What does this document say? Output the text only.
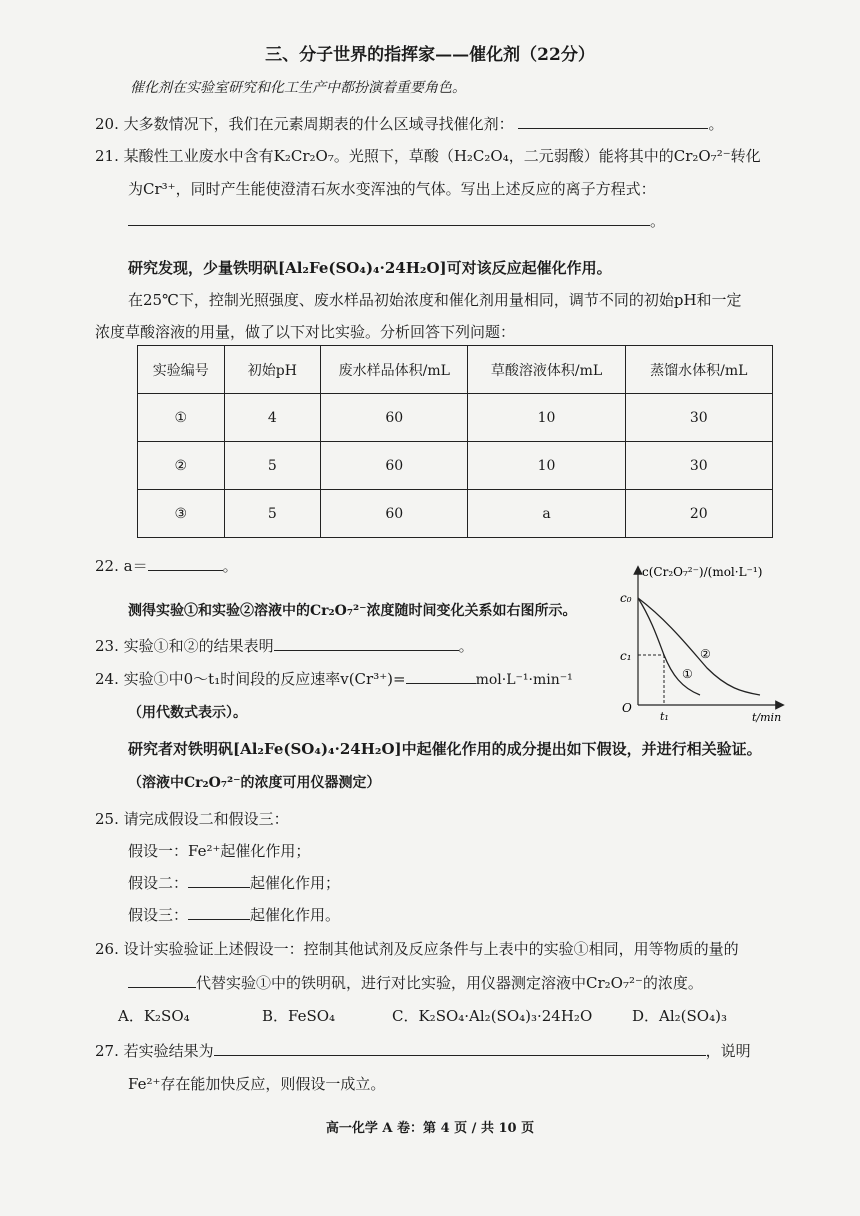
三、分子世界的指挥家——催化剂（22分）
催化剂在实验室研究和化工生产中都扮演着重要角色。
20. 大多数情况下，我们在元素周期表的什么区域寻找催化剂：	。
21. 某酸性工业废水中含有K₂Cr₂O₇。光照下，草酸（H₂C₂O₄，二元弱酸）能将其中的Cr₂O₇²⁻转化
为Cr³⁺，同时产生能使澄清石灰水变浑浊的气体。写出上述反应的离子方程式：
。
研究发现，少量铁明矾[Al₂Fe(SO₄)₄·24H₂O]可对该反应起催化作用。
在25℃下，控制光照强度、废水样品初始浓度和催化剂用量相同，调节不同的初始pH和一定
浓度草酸溶液的用量，做了以下对比实验。分析回答下列问题：
实验编号	初始pH	废水样品体积/mL	草酸溶液体积/mL	蒸馏水体积/mL
①	4	60	10	30
②	5	60	10	30
③	5	60	a	20
22. a＝	。
测得实验①和实验②溶液中的Cr₂O₇²⁻浓度随时间变化关系如右图所示。
23. 实验①和②的结果表明	。
24. 实验①中0～t₁时间段的反应速率v(Cr³⁺)=	mol·L⁻¹·min⁻¹
（用代数式表示）。
c(Cr₂O₇²⁻)/(mol·L⁻¹)
t/min
O
c₀
c₁
t₁
①
②
研究者对铁明矾[Al₂Fe(SO₄)₄·24H₂O]中起催化作用的成分提出如下假设，并进行相关验证。
（溶液中Cr₂O₇²⁻的浓度可用仪器测定）
25. 请完成假设二和假设三：
假设一：Fe²⁺起催化作用；
假设二：	起催化作用；
假设三：	起催化作用。
26. 设计实验验证上述假设一：控制其他试剂及反应条件与上表中的实验①相同，用等物质的量的
代替实验①中的铁明矾，进行对比实验，用仪器测定溶液中Cr₂O₇²⁻的浓度。
A．K₂SO₄	B．FeSO₄	C．K₂SO₄·Al₂(SO₄)₃·24H₂O	D．Al₂(SO₄)₃
27. 若实验结果为	，说明
Fe²⁺存在能加快反应，则假设一成立。
高一化学 A 卷：第 4 页 / 共 10 页
